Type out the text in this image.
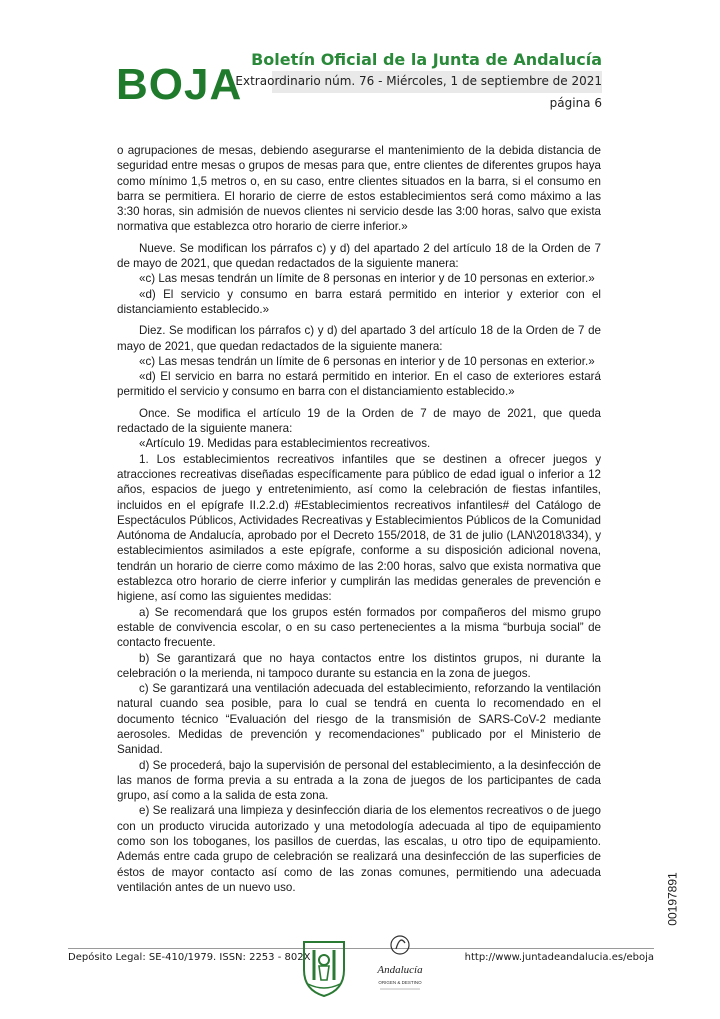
BOJA
Boletín Oficial de la Junta de Andalucía
Extraordinario núm. 76 - Miércoles, 1 de septiembre de 2021
página 6

o agrupaciones de mesas, debiendo asegurarse el mantenimiento de la debida distancia de seguridad entre mesas o grupos de mesas para que, entre clientes de diferentes grupos haya como mínimo 1,5 metros o, en su caso, entre clientes situados en la barra, si el consumo en barra se permitiera. El horario de cierre de estos establecimientos será como máximo a las 3:30 horas, sin admisión de nuevos clientes ni servicio desde las 3:00 horas, salvo que exista normativa que establezca otro horario de cierre inferior.»

Nueve. Se modifican los párrafos c) y d) del apartado 2 del artículo 18 de la Orden de 7 de mayo de 2021, que quedan redactados de la siguiente manera:

«c) Las mesas tendrán un límite de 8 personas en interior y de 10 personas en exterior.»

«d) El servicio y consumo en barra estará permitido en interior y exterior con el distanciamiento establecido.»

Diez. Se modifican los párrafos c) y d) del apartado 3 del artículo 18 de la Orden de 7 de mayo de 2021, que quedan redactados de la siguiente manera:

«c) Las mesas tendrán un límite de 6 personas en interior y de 10 personas en exterior.»

«d) El servicio en barra no estará permitido en interior. En el caso de exteriores estará permitido el servicio y consumo en barra con el distanciamiento establecido.»

Once. Se modifica el artículo 19 de la Orden de 7 de mayo de 2021, que queda redactado de la siguiente manera:

«Artículo 19. Medidas para establecimientos recreativos.

1. Los establecimientos recreativos infantiles que se destinen a ofrecer juegos y atracciones recreativas diseñadas específicamente para público de edad igual o inferior a 12 años, espacios de juego y entretenimiento, así como la celebración de fiestas infantiles, incluidos en el epígrafe II.2.2.d) #Establecimientos recreativos infantiles# del Catálogo de Espectáculos Públicos, Actividades Recreativas y Establecimientos Públicos de la Comunidad Autónoma de Andalucía, aprobado por el Decreto 155/2018, de 31 de julio (LAN\2018\334), y establecimientos asimilados a este epígrafe, conforme a su disposición adicional novena, tendrán un horario de cierre como máximo de las 2:00 horas, salvo que exista normativa que establezca otro horario de cierre inferior y cumplirán las medidas generales de prevención e higiene, así como las siguientes medidas:

a) Se recomendará que los grupos estén formados por compañeros del mismo grupo estable de convivencia escolar, o en su caso pertenecientes a la misma “burbuja social” de contacto frecuente.

b) Se garantizará que no haya contactos entre los distintos grupos, ni durante la celebración o la merienda, ni tampoco durante su estancia en la zona de juegos.

c) Se garantizará una ventilación adecuada del establecimiento, reforzando la ventilación natural cuando sea posible, para lo cual se tendrá en cuenta lo recomendado en el documento técnico “Evaluación del riesgo de la transmisión de SARS-CoV-2 mediante aerosoles. Medidas de prevención y recomendaciones” publicado por el Ministerio de Sanidad.

d) Se procederá, bajo la supervisión de personal del establecimiento, a la desinfección de las manos de forma previa a su entrada a la zona de juegos de los participantes de cada grupo, así como a la salida de esta zona.

e) Se realizará una limpieza y desinfección diaria de los elementos recreativos o de juego con un producto virucida autorizado y una metodología adecuada al tipo de equipamiento como son los toboganes, los pasillos de cuerdas, las escalas, u otro tipo de equipamiento. Además entre cada grupo de celebración se realizará una desinfección de las superficies de éstos de mayor contacto así como de las zonas comunes, permitiendo una adecuada ventilación antes de un nuevo uso.	00197891
Depósito Legal: SE-410/1979. ISSN: 2253 - 802X
Andalucía
ORIGEN & DESTINO
http://www.juntadeandalucia.es/eboja
